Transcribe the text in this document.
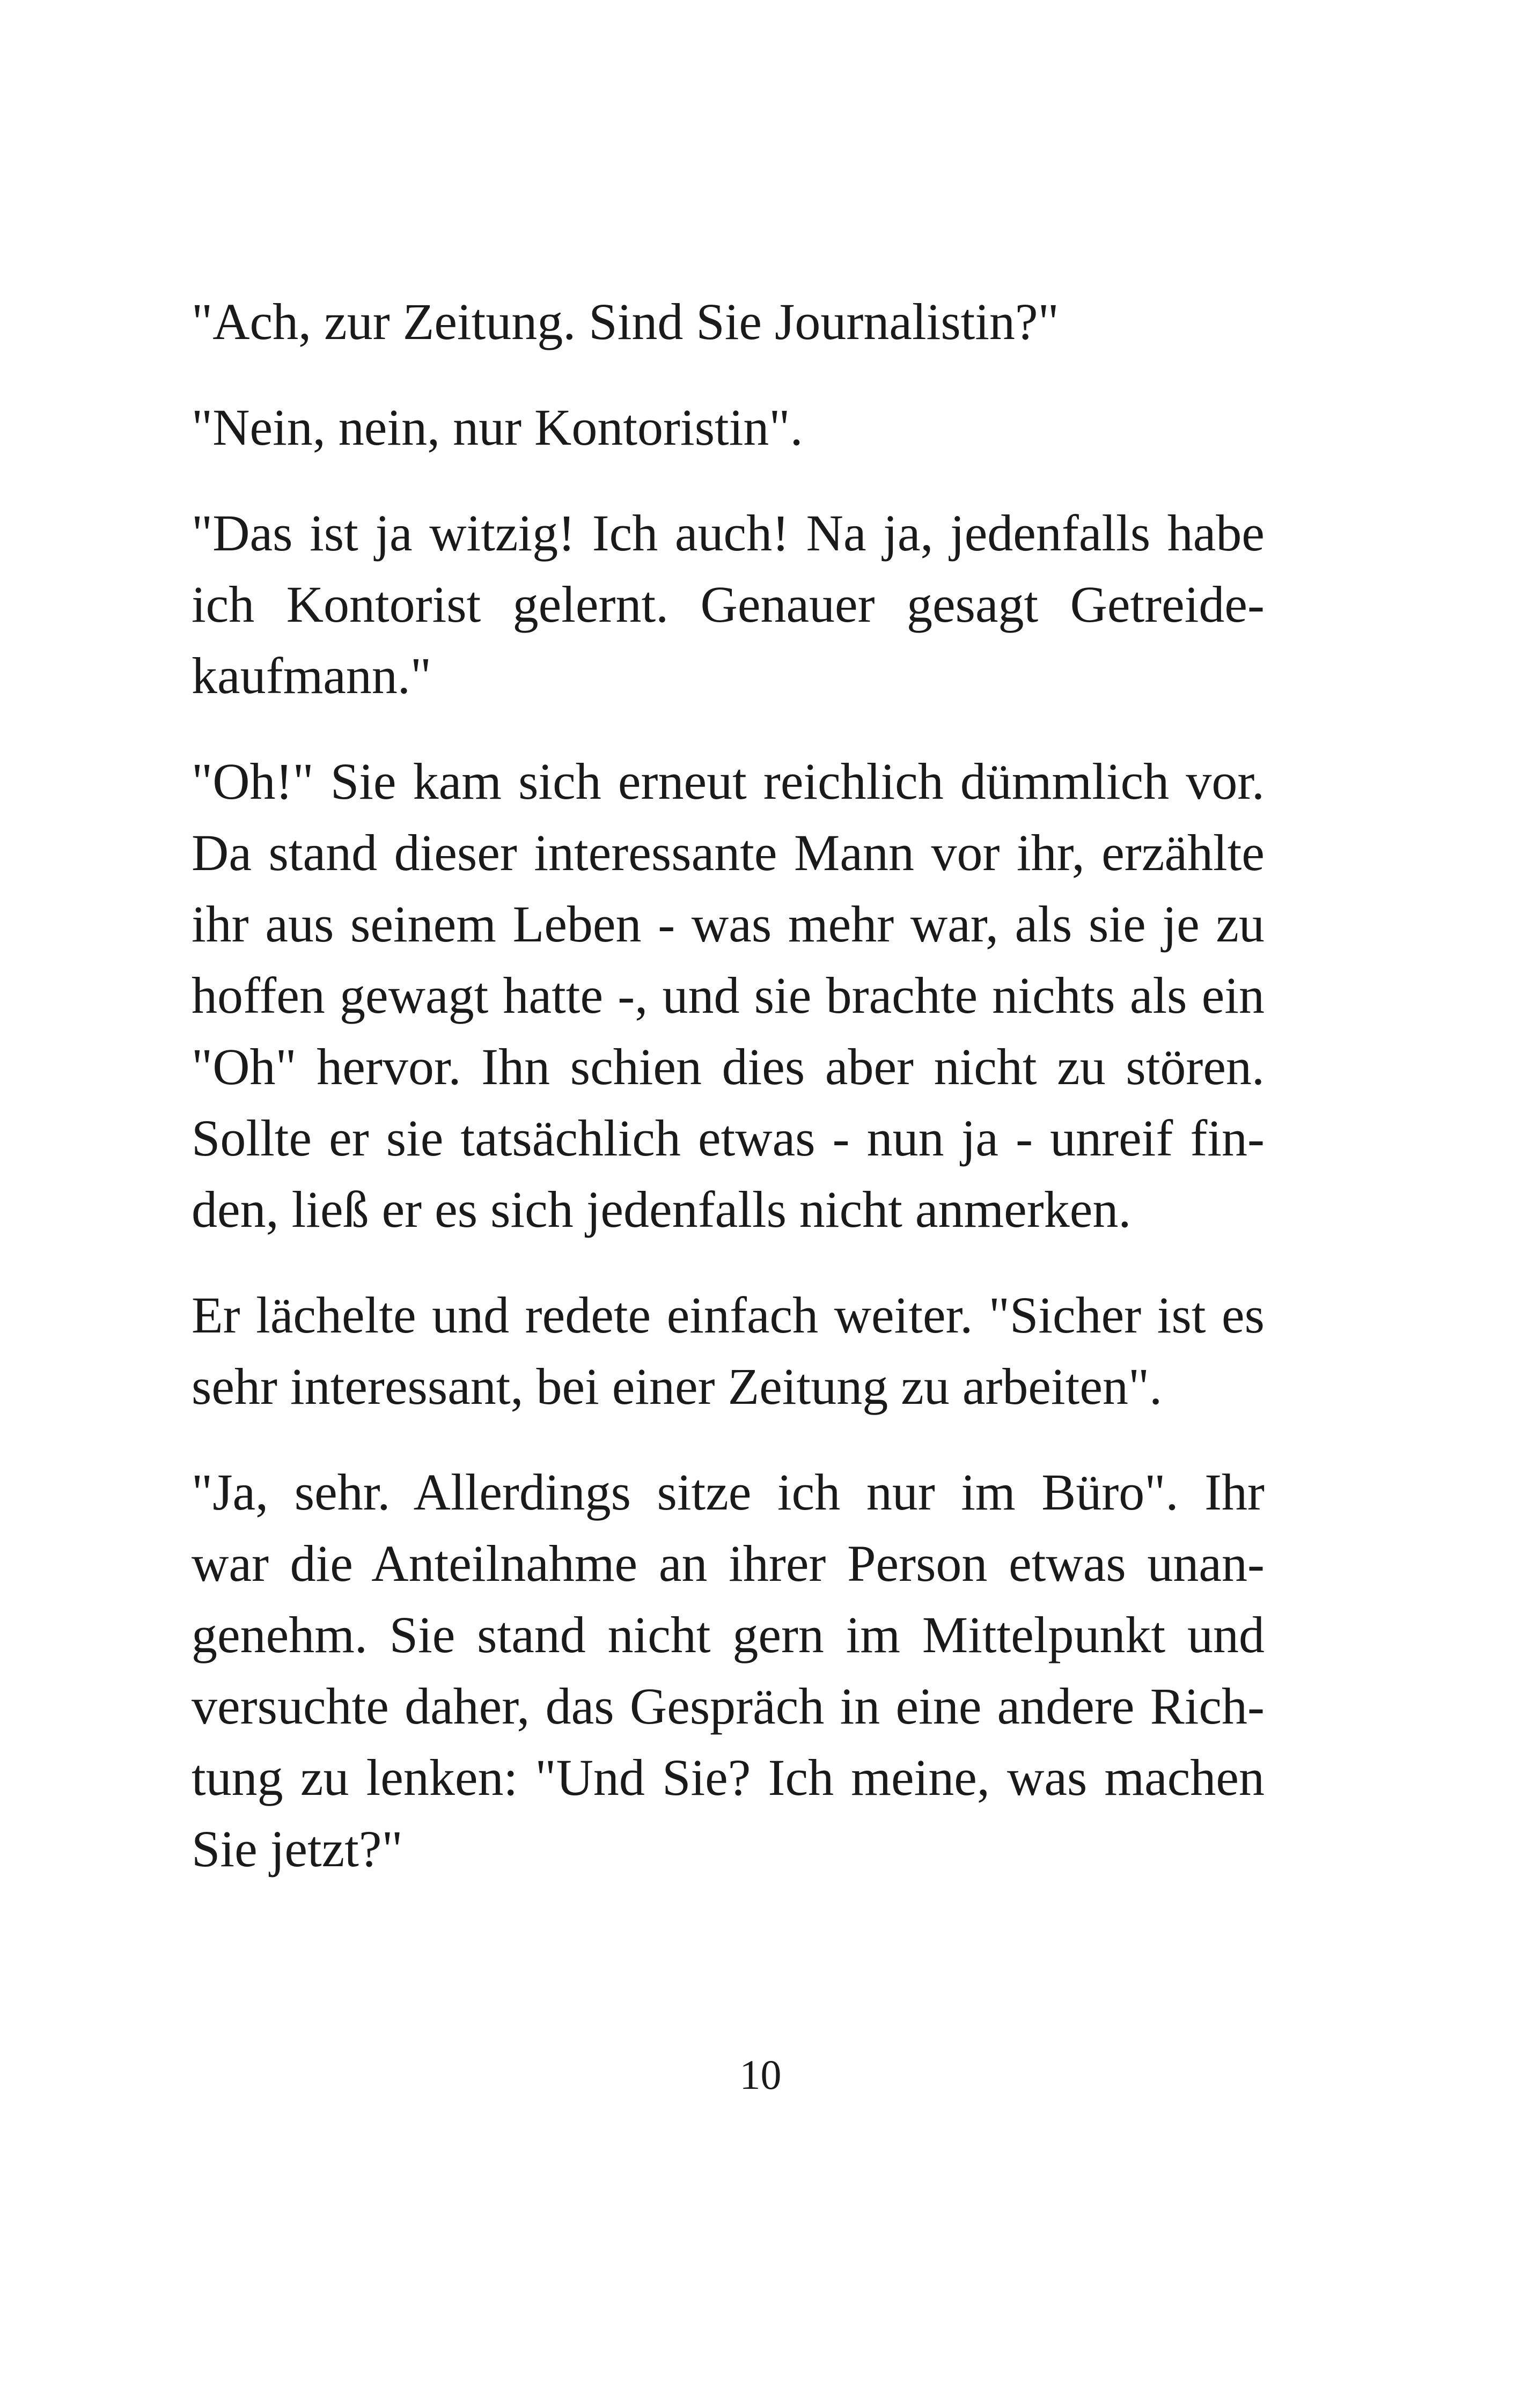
"Ach, zur Zeitung. Sind Sie Journalistin?"

"Nein, nein, nur Kontoristin".

"Das ist ja witzig! Ich auch! Na ja, jedenfalls habe
ich Kontorist gelernt. Genauer gesagt Getreide-
kaufmann."

"Oh!" Sie kam sich erneut reichlich dümmlich vor.
Da stand dieser interessante Mann vor ihr, erzählte
ihr aus seinem Leben - was mehr war, als sie je zu
hoffen gewagt hatte -, und sie brachte nichts als ein
"Oh" hervor. Ihn schien dies aber nicht zu stören.
Sollte er sie tatsächlich etwas - nun ja - unreif fin-
den, ließ er es sich jedenfalls nicht anmerken.

Er lächelte und redete einfach weiter. "Sicher ist es
sehr interessant, bei einer Zeitung zu arbeiten".

"Ja, sehr. Allerdings sitze ich nur im Büro". Ihr
war die Anteilnahme an ihrer Person etwas unan-
genehm. Sie stand nicht gern im Mittelpunkt und
versuchte daher, das Gespräch in eine andere Rich-
tung zu lenken: "Und Sie? Ich meine, was machen
Sie jetzt?"

10
